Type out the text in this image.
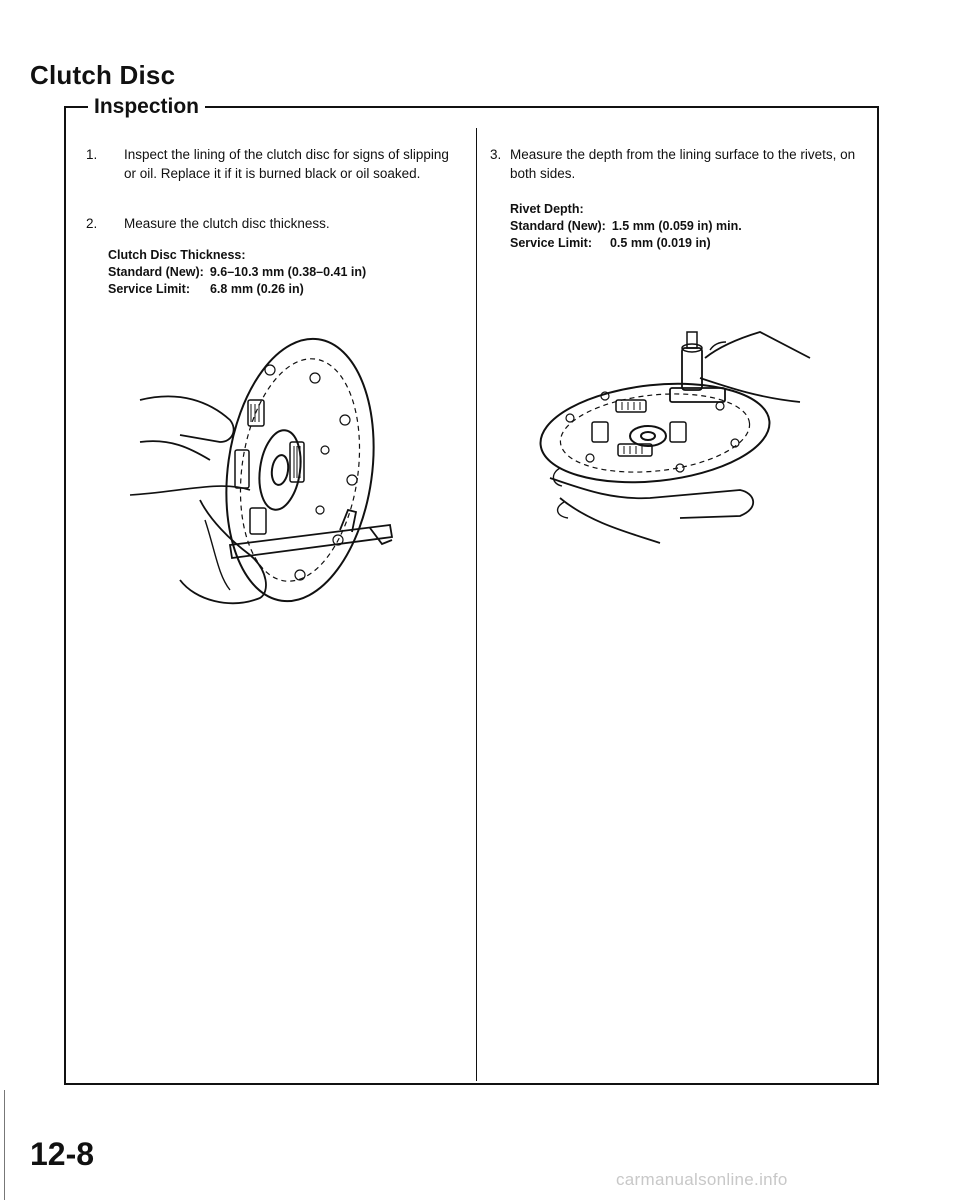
Clutch Disc
Inspection
1. Inspect the lining of the clutch disc for signs of slipping or oil. Replace it if it is burned black or oil soaked.
2. Measure the clutch disc thickness.
Clutch Disc Thickness:
Standard (New): 9.6–10.3 mm (0.38–0.41 in)
Service Limit: 6.8 mm (0.26 in)
3. Measure the depth from the lining surface to the rivets, on both sides.
Rivet Depth:
Standard (New): 1.5 mm (0.059 in) min.
Service Limit: 0.5 mm (0.019 in)
12-8
carmanualsonline.info
